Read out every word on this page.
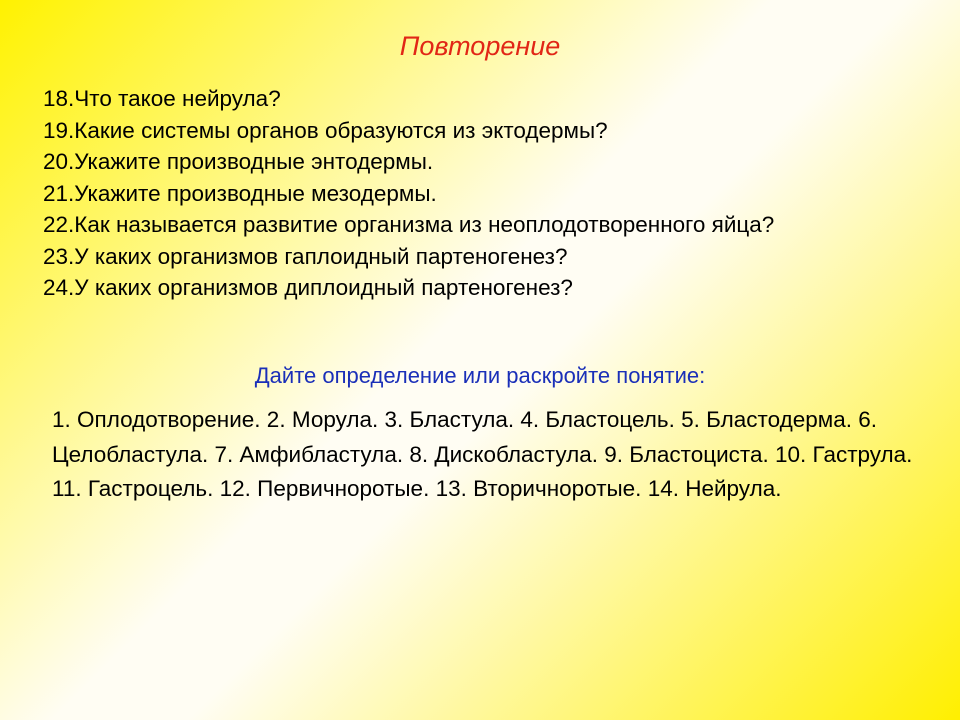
Повторение
18.Что такое нейрула?
19.Какие системы органов образуются из эктодермы?
20.Укажите производные энтодермы.
21.Укажите производные мезодермы.
22.Как называется развитие организма из неоплодотворенного яйца?
23.У каких организмов гаплоидный партеногенез?
24.У каких организмов диплоидный партеногенез?
Дайте определение или раскройте понятие:

1. Оплодотворение. 2. Морула. 3. Бластула. 4. Бластоцель. 5. Бластодерма. 6. Целобластула. 7. Амфибластула. 8. Дискобластула. 9. Бластоциста. 10. Гаструла. 11. Гастроцель. 12. Первичноротые. 13. Вторичноротые. 14. Нейрула.
